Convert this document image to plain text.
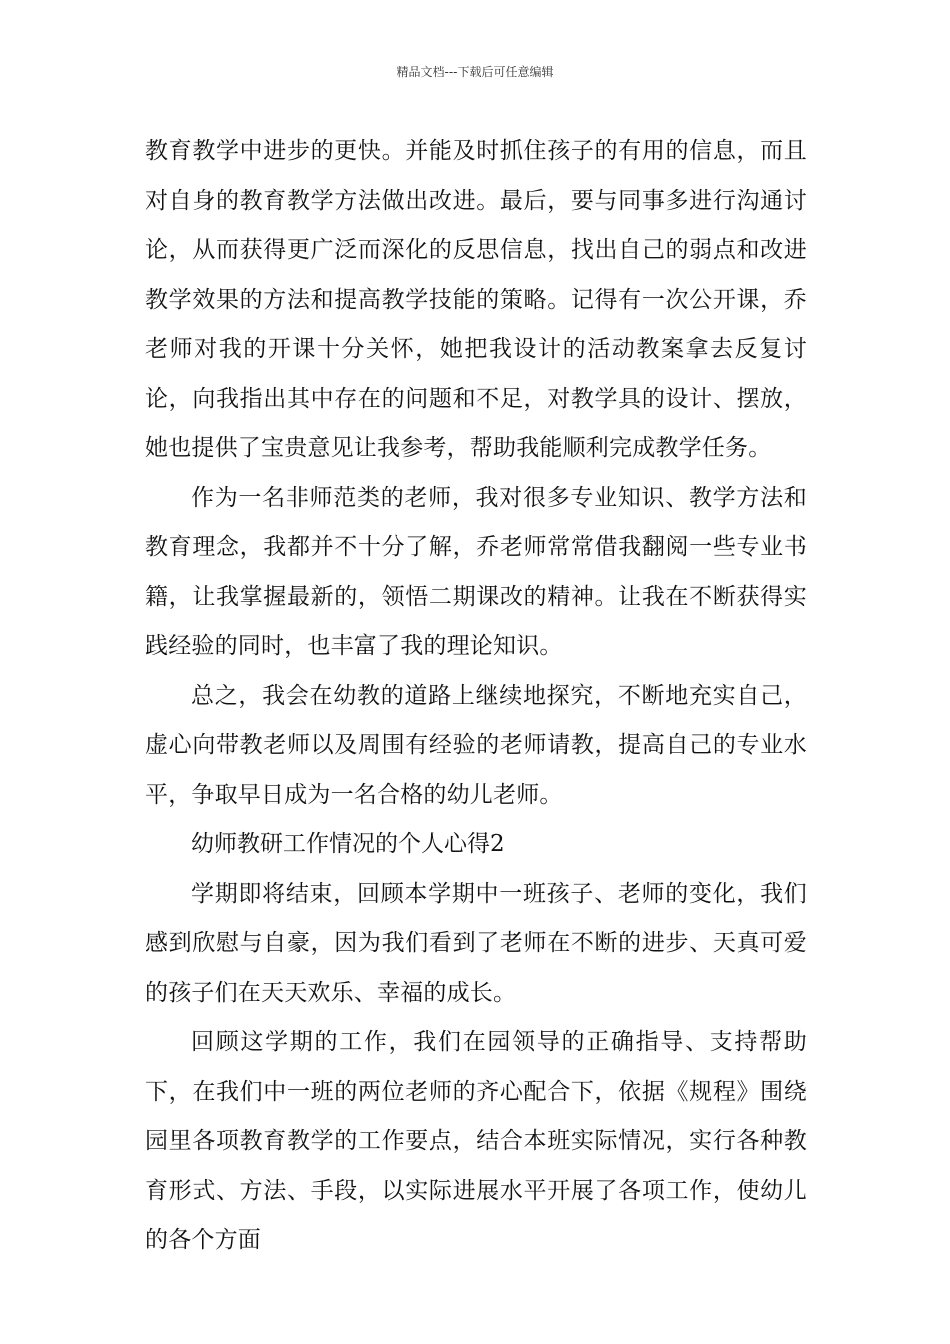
精品文档---下载后可任意编辑

教育教学中进步的更快。并能及时抓住孩子的有用的信息，而且对自身的教育教学方法做出改进。最后，要与同事多进行沟通讨论，从而获得更广泛而深化的反思信息，找出自己的弱点和改进教学效果的方法和提高教学技能的策略。记得有一次公开课，乔老师对我的开课十分关怀，她把我设计的活动教案拿去反复讨论，向我指出其中存在的问题和不足，对教学具的设计、摆放，她也提供了宝贵意见让我参考，帮助我能顺利完成教学任务。

作为一名非师范类的老师，我对很多专业知识、教学方法和教育理念，我都并不十分了解，乔老师常常借我翻阅一些专业书籍，让我掌握最新的，领悟二期课改的精神。让我在不断获得实践经验的同时，也丰富了我的理论知识。

总之，我会在幼教的道路上继续地探究，不断地充实自己，虚心向带教老师以及周围有经验的老师请教，提高自己的专业水平，争取早日成为一名合格的幼儿老师。

幼师教研工作情况的个人心得2

学期即将结束，回顾本学期中一班孩子、老师的变化，我们感到欣慰与自豪，因为我们看到了老师在不断的进步、天真可爱的孩子们在天天欢乐、幸福的成长。

回顾这学期的工作，我们在园领导的正确指导、支持帮助下，在我们中一班的两位老师的齐心配合下，依据《规程》围绕园里各项教育教学的工作要点，结合本班实际情况，实行各种教育形式、方法、手段，以实际进展水平开展了各项工作，使幼儿的各个方面
